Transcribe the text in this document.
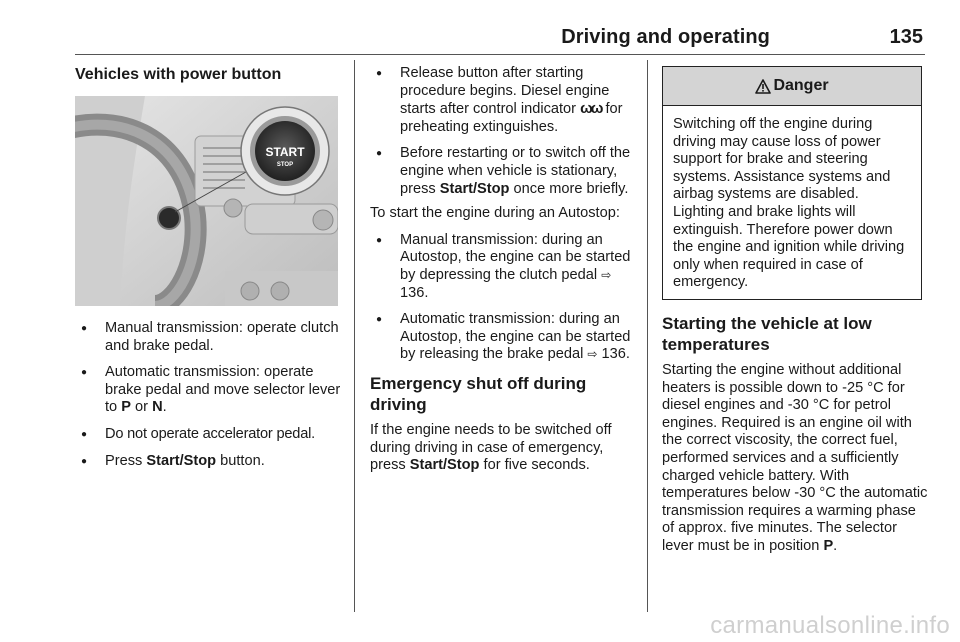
Driving and operating	135
Vehicles with power button
START
STOP
● Manual transmission: operate clutch and brake pedal.
● Automatic transmission: operate brake pedal and move selector lever to P or N.
● Do not operate accelerator pedal.
● Press Start/Stop button.
● Release button after starting procedure begins. Diesel engine starts after control indicator ωω for preheating extinguishes.
● Before restarting or to switch off the engine when vehicle is stationary, press Start/Stop once more briefly.
To start the engine during an Autostop:
● Manual transmission: during an Autostop, the engine can be started by depressing the clutch pedal ⇨ 136.
● Automatic transmission: during an Autostop, the engine can be started by releasing the brake pedal ⇨ 136.
Emergency shut off during driving
If the engine needs to be switched off during driving in case of emergency, press Start/Stop for five seconds.
Danger
Switching off the engine during driving may cause loss of power support for brake and steering systems. Assistance systems and airbag systems are disabled. Lighting and brake lights will extinguish. Therefore power down the engine and ignition while driving only when required in case of emergency.
Starting the vehicle at low temperatures
Starting the engine without additional heaters is possible down to -25 °C for diesel engines and -30 °C for petrol engines. Required is an engine oil with the correct viscosity, the correct fuel, performed services and a sufficiently charged vehicle battery. With temperatures below -30 °C the automatic transmission requires a warming phase of approx. five minutes. The selector lever must be in position P.
carmanualsonline.info
